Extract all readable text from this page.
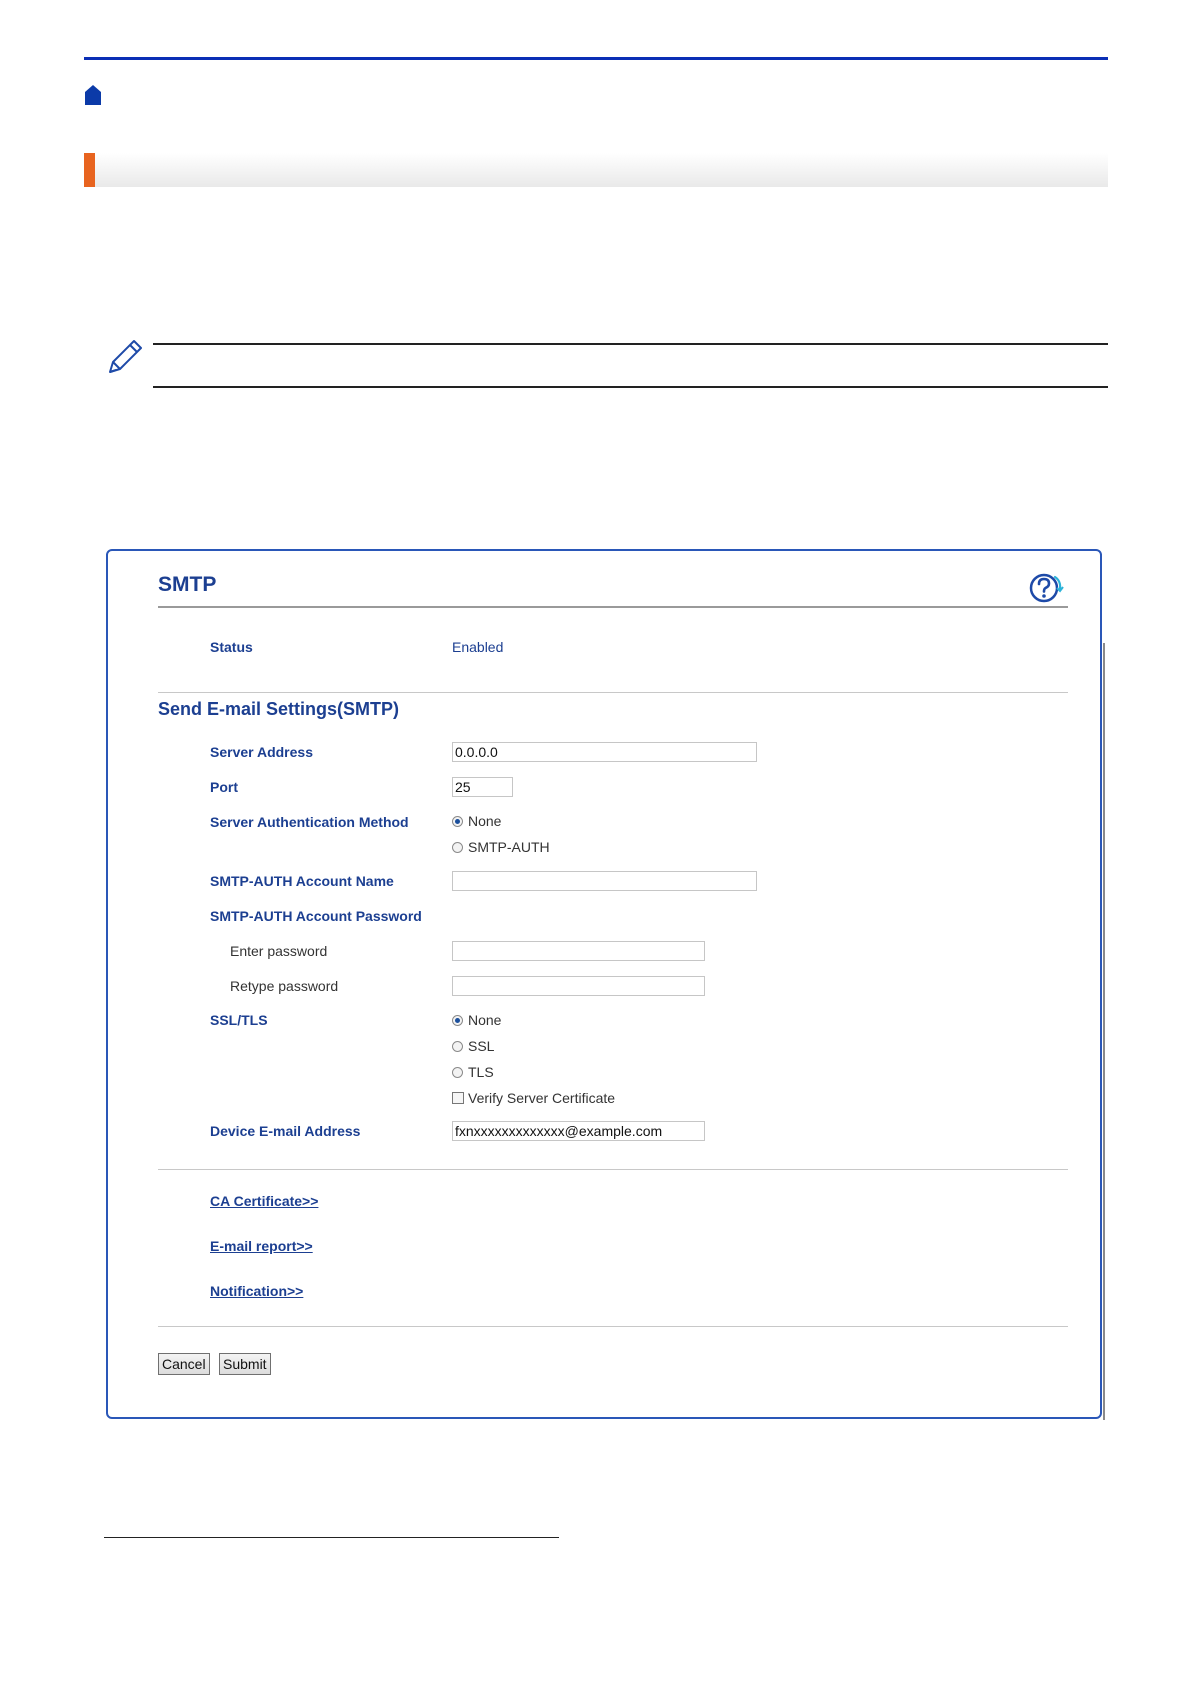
SMTP
Status	Enabled
Send E-mail Settings(SMTP)
Server Address	0.0.0.0
Port	25
Server Authentication Method	None
SMTP-AUTH
SMTP-AUTH Account Name
SMTP-AUTH Account Password
Enter password
Retype password
SSL/TLS	None
SSL
TLS
Verify Server Certificate
Device E-mail Address	fxnxxxxxxxxxxxxx@example.com
CA Certificate>>
E-mail report>>
Notification>>
Cancel Submit
